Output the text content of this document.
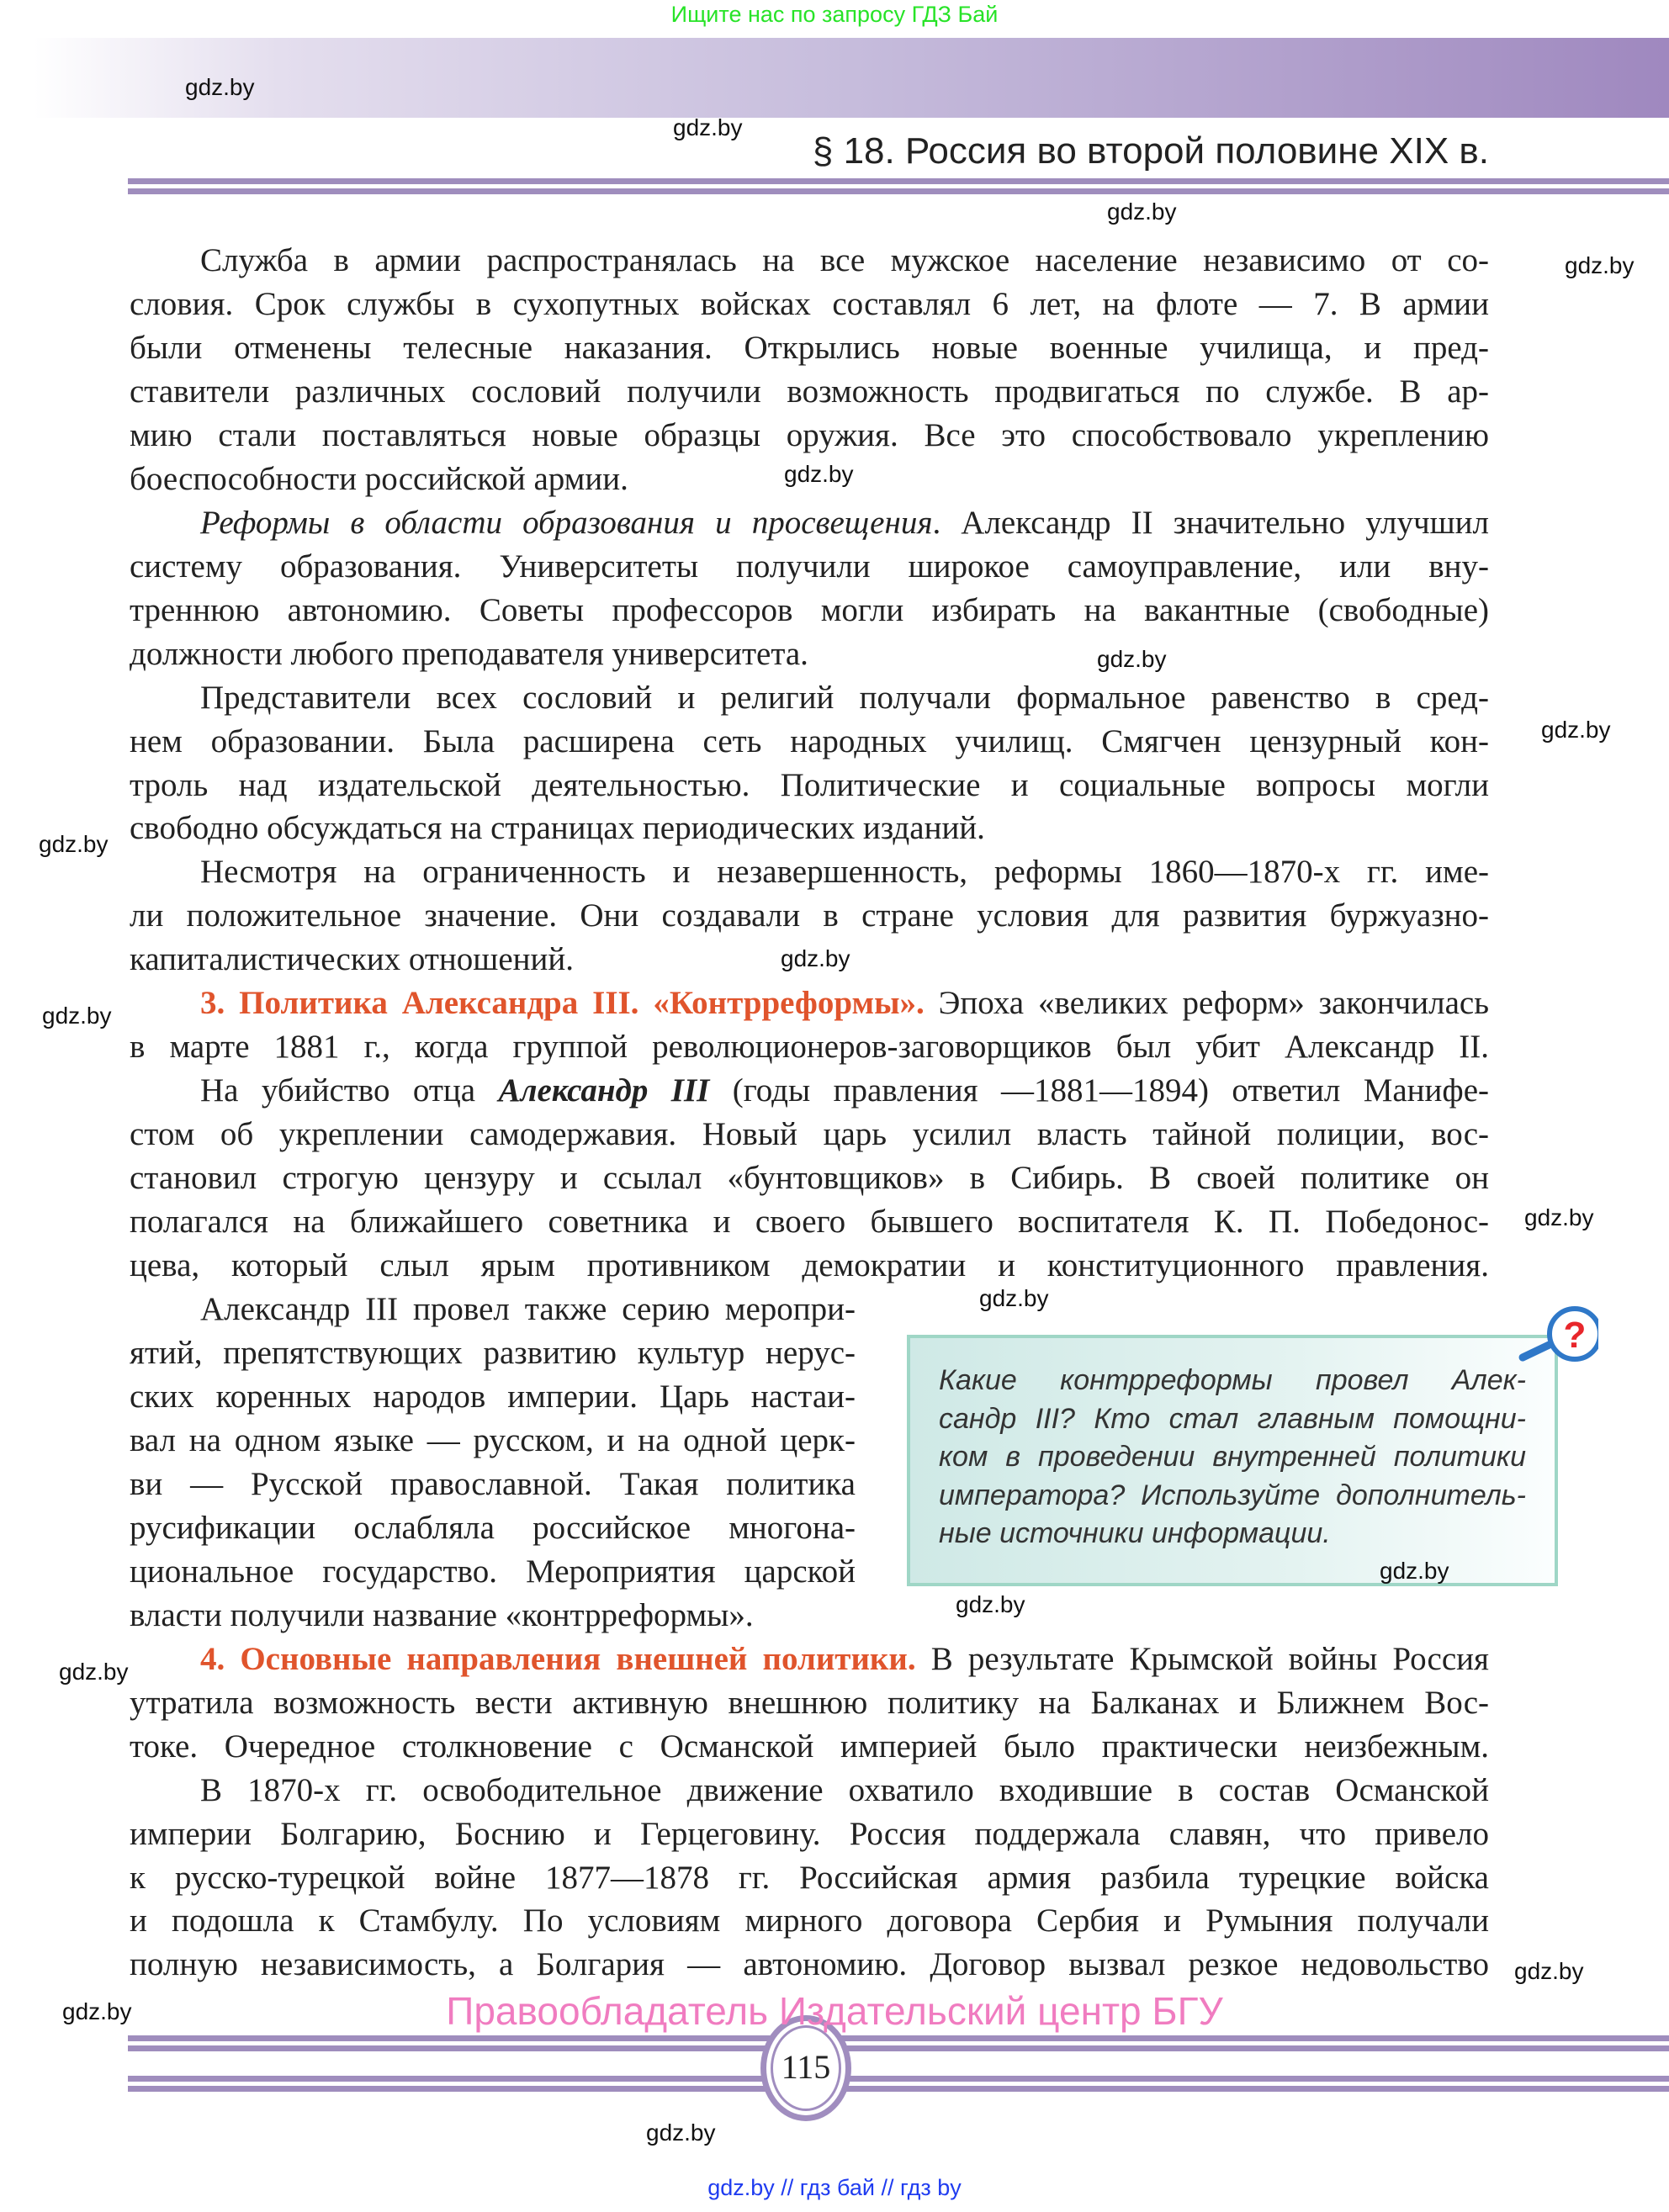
Ищите нас по запросу ГДЗ Бай
§ 18. Россия во второй половине XIX в.
Служба в армии распространялась на все мужское население независимо от со-
словия. Срок службы в сухопутных войсках составлял 6 лет, на флоте — 7. В армии
были отменены телесные наказания. Открылись новые военные училища, и пред-
ставители различных сословий получили возможность продвигаться по службе. В ар-
мию стали поставляться новые образцы оружия. Все это способствовало укреплению
боеспособности российской армии.
Реформы в области образования и просвещения. Александр II значительно улучшил
систему образования. Университеты получили широкое самоуправление, или вну-
треннюю автономию. Советы профессоров могли избирать на вакантные (свободные)
должности любого преподавателя университета.
Представители всех сословий и религий получали формальное равенство в сред-
нем образовании. Была расширена сеть народных училищ. Смягчен цензурный кон-
троль над издательской деятельностью. Политические и социальные вопросы могли
свободно обсуждаться на страницах периодических изданий.
Несмотря на ограниченность и незавершенность, реформы 1860—1870-х гг. име-
ли положительное значение. Они создавали в стране условия для развития буржуазно-
капиталистических отношений.
3. Политика Александра III. «Контрреформы». Эпоха «великих реформ» закончилась
в марте 1881 г., когда группой революционеров-заговорщиков был убит Александр II.
На убийство отца Александр III (годы правления —1881—1894) ответил Манифе-
стом об укреплении самодержавия. Новый царь усилил власть тайной полиции, вос-
становил строгую цензуру и ссылал «бунтовщиков» в Сибирь. В своей политике он
полагался на ближайшего советника и своего бывшего воспитателя К. П. Победонос-
цева, который слыл ярым противником демократии и конституционного правления.
Александр III провел также серию меропри-
ятий, препятствующих развитию культур нерус-
ских коренных народов империи. Царь настаи-
вал на одном языке — русском, и на одной церк-
ви — Русской православной. Такая политика
русификации ослабляла российское многона-
циональное государство. Мероприятия царской
власти получили название «контрреформы».
4. Основные направления внешней политики. В результате Крымской войны Россия
утратила возможность вести активную внешнюю политику на Балканах и Ближнем Вос-
токе. Очередное столкновение с Османской империей было практически неизбежным.
В 1870-х гг. освободительное движение охватило входившие в состав Османской
империи Болгарию, Боснию и Герцеговину. Россия поддержала славян, что привело
к русско-турецкой войне 1877—1878 гг. Российская армия разбила турецкие войска
и подошла к Стамбулу. По условиям мирного договора Сербия и Румыния получали
полную независимость, а Болгария — автономию. Договор вызвал резкое недовольство
Какие контрреформы провел Алек-
сандр III? Кто стал главным помощни-
ком в проведении внутренней политики
императора? Используйте дополнитель-
ные источники информации.
?
115
Правообладатель Издательский центр БГУ
gdz.by // гдз бай // гдз by
gdz.by
gdz.by
gdz.by
gdz.by
gdz.by
gdz.by
gdz.by
gdz.by
gdz.by
gdz.by
gdz.by
gdz.by
gdz.by
gdz.by
gdz.by
gdz.by
gdz.by
gdz.by
